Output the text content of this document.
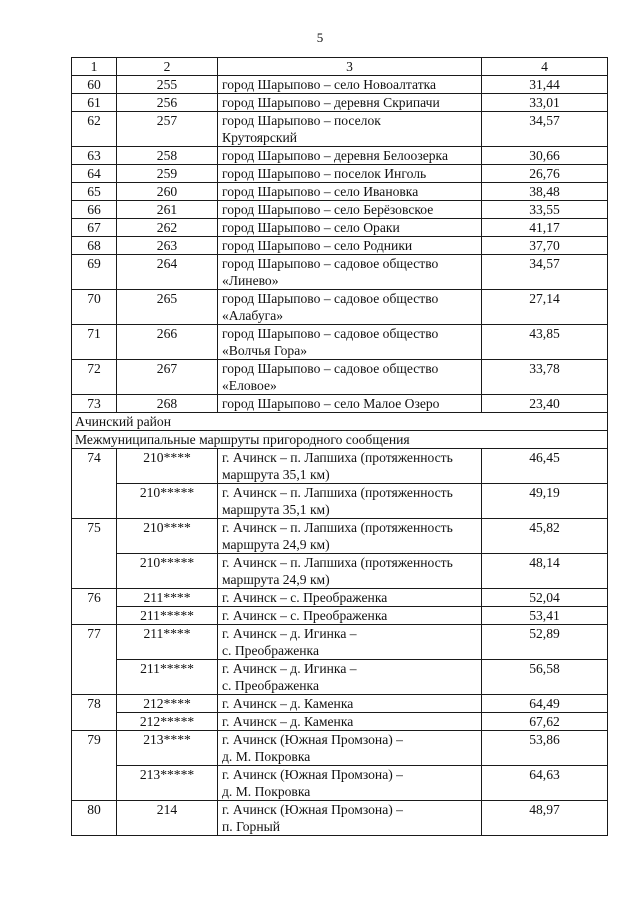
5
1	2	3	4
60	255	город Шарыпово – село Новоалтатка	31,44
61	256	город Шарыпово – деревня Скрипачи	33,01
62	257	город Шарыпово – поселок
Крутоярский	34,57
63	258	город Шарыпово – деревня Белоозерка	30,66
64	259	город Шарыпово – поселок Инголь	26,76
65	260	город Шарыпово – село Ивановка	38,48
66	261	город Шарыпово – село Берёзовское	33,55
67	262	город Шарыпово – село Ораки	41,17
68	263	город Шарыпово – село Родники	37,70
69	264	город Шарыпово – садовое общество
«Линево»	34,57
70	265	город Шарыпово – садовое общество
«Алабуга»	27,14
71	266	город Шарыпово – садовое общество
«Волчья Гора»	43,85
72	267	город Шарыпово – садовое общество
«Еловое»	33,78
73	268	город Шарыпово – село Малое Озеро	23,40
Ачинский район			
Межмуниципальные маршруты пригородного сообщения			
74	210****	г. Ачинск – п. Лапшиха (протяженность
маршрута 35,1 км)	46,45
	210*****	г. Ачинск – п. Лапшиха (протяженность
маршрута 35,1 км)	49,19
75	210****	г. Ачинск – п. Лапшиха (протяженность
маршрута 24,9 км)	45,82
	210*****	г. Ачинск – п. Лапшиха (протяженность
маршрута 24,9 км)	48,14
76	211****	г. Ачинск – с. Преображенка	52,04
	211*****	г. Ачинск – с. Преображенка	53,41
77	211****	г. Ачинск – д. Игинка –
с. Преображенка	52,89
	211*****	г. Ачинск – д. Игинка –
с. Преображенка	56,58
78	212****	г. Ачинск – д. Каменка	64,49
	212*****	г. Ачинск – д. Каменка	67,62
79	213****	г. Ачинск (Южная Промзона) –
д. М. Покровка	53,86
	213*****	г. Ачинск (Южная Промзона) –
д. М. Покровка	64,63
80	214	г. Ачинск (Южная Промзона) –
п. Горный	48,97
